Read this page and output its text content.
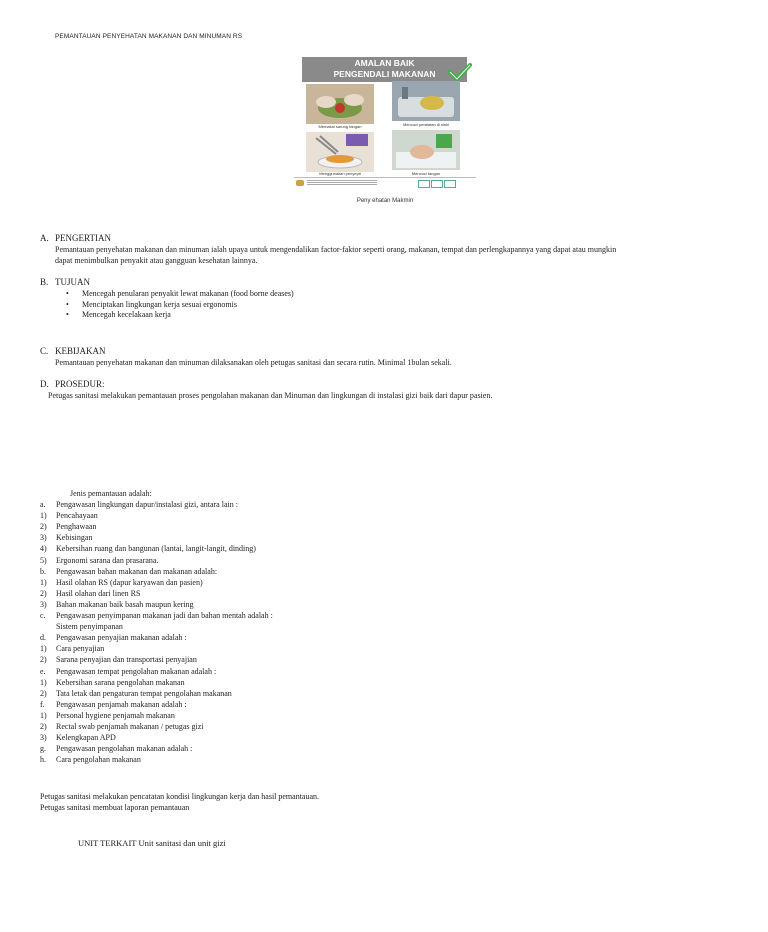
PEMANTAUAN PENYEHATAN MAKANAN DAN MINUMAN RS
AMALAN BAIK
PENGENDALI MAKANAN
Memakai sarung tangan	Mencuci peralatan di sinki
Menggunakan penyepit	Mencuci tangan
Peny ehatan Makmin
A. PENGERTIAN
Pemantauan penyehatan makanan dan minuman ialah upaya untuk mengendalikan factor-faktor seperti orang, makanan, tempat dan perlengkapannya yang dapat atau mungkin
dapat menimbulkan penyakit atau gangguan kesehatan lainnya.
B. TUJUAN
• Mencegah penularan penyakit lewat makanan (food borne deases)
• Menciptakan lingkungan kerja sesuai ergonomis
• Mencegah kecelakaan kerja
C. KEBIJAKAN
Pemantauan penyehatan makanan dan minuman dilaksanakan oleh petugas sanitasi dan secara rutin. Minimal 1bulan sekali.
D. PROSEDUR:
Petugas sanitasi melakukan pemantauan proses pengolahan makanan dan Minuman dan lingkungan di instalasi gizi baik dari dapur pasien.
Jenis pemantauan adalah:
a. Pengawasan lingkungan dapur/instalasi gizi, antara lain :
1) Pencahayaan
2) Penghawaan
3) Kebisingan
4) Kebersihan ruang dan bangunan (lantai, langit-langit, dinding)
5) Ergonomi sarana dan prasarana.
b. Pengawasan bahan makanan dan makanan adalah:
1) Hasil olahan RS (dapur karyawan dan pasien)
2) Hasil olahan dari linen RS
3) Bahan makanan baik basah maupun kering
c. Pengawasan penyimpanan makanan jadi dan bahan mentah adalah :
Sistem penyimpanan
d. Pengawasan penyajian makanan adalah :
1) Cara penyajian
2) Sarana penyajian dan transportasi penyajian
e. Pengawasan tempat pengolahan makanan adalah :
1) Kebersihan sarana pengolahan makanan
2) Tata letak dan pengaturan tempat pengolahan makanan
f. Pengawasan penjamah makanan adalah :
1) Personal hygiene penjamah makanan
2) Rectal swab penjamah makanan / petugas gizi
3) Kelengkapan APD
g. Pengawasan pengolahan makanan adalah :
h. Cara pengolahan makanan
Petugas sanitasi melakukan pencatatan kondisi lingkungan kerja dan hasil pemantauan.
Petugas sanitasi membuat laporan pemantauan
UNIT TERKAIT Unit sanitasi dan unit gizi
